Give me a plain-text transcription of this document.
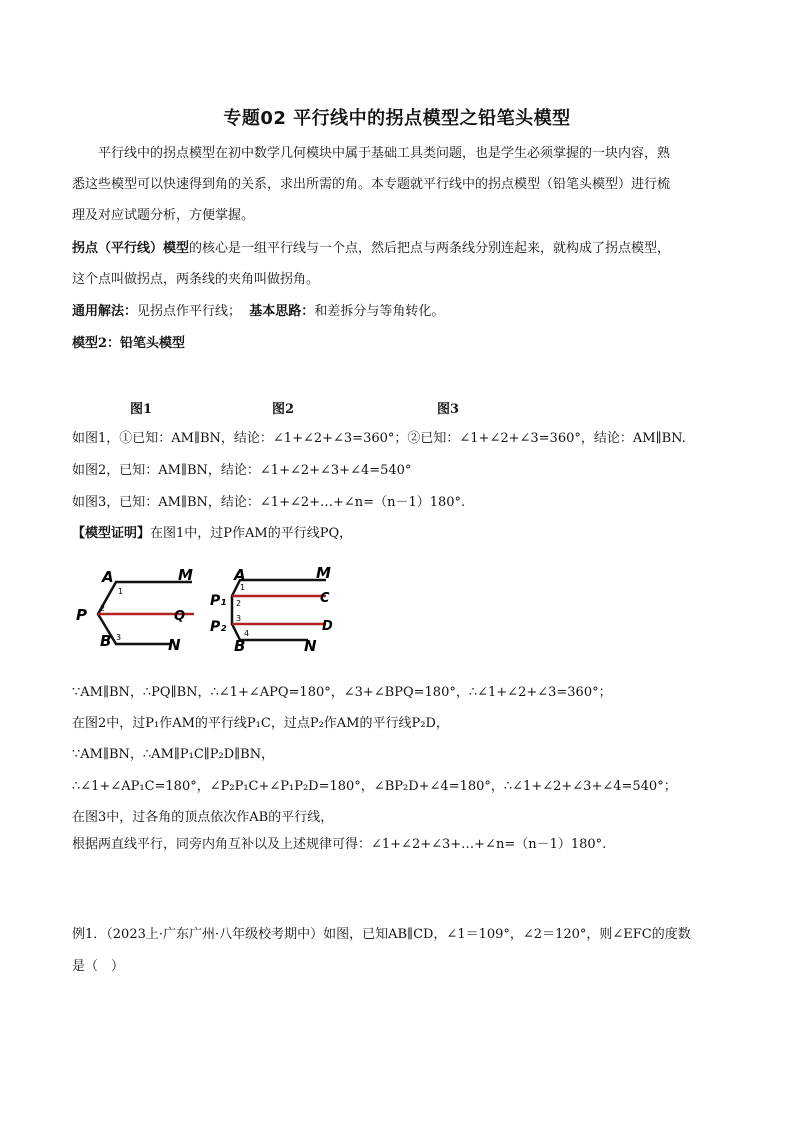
专题02 平行线中的拐点模型之铅笔头模型
平行线中的拐点模型在初中数学几何模块中属于基础工具类问题，也是学生必须掌握的一块内容，熟
悉这些模型可以快速得到角的关系，求出所需的角。本专题就平行线中的拐点模型（铅笔头模型）进行梳
理及对应试题分析，方便掌握。
拐点（平行线）模型的核心是一组平行线与一个点，然后把点与两条线分别连起来，就构成了拐点模型，
这个点叫做拐点，两条线的夹角叫做拐角。
通用解法：见拐点作平行线； 基本思路：和差拆分与等角转化。
模型2：铅笔头模型
图1	图2	图3
如图1，①已知：AM∥BN，结论：∠1+∠2+∠3=360°；②已知：∠1+∠2+∠3=360°，结论：AM∥BN.
如图2，已知：AM∥BN，结论：∠1+∠2+∠3+∠4=540°
如图3，已知：AM∥BN，结论：∠1+∠2+…+∠n=（n－1）180°.
【模型证明】在图1中，过P作AM的平行线PQ，
A	M
P	Q
B	N
1
2
3
A	M
P₁	C
P₂	D
B	N
1
2
3
4
∵AM∥BN，∴PQ∥BN，∴∠1+∠APQ=180°，∠3+∠BPQ=180°，∴∠1+∠2+∠3=360°；
在图2中，过P₁作AM的平行线P₁C，过点P₂作AM的平行线P₂D，
∵AM∥BN，∴AM∥P₁C∥P₂D∥BN，
∴∠1+∠AP₁C=180°，∠P₂P₁C+∠P₁P₂D=180°，∠BP₂D+∠4=180°，∴∠1+∠2+∠3+∠4=540°；
在图3中，过各角的顶点依次作AB的平行线，
根据两直线平行，同旁内角互补以及上述规律可得：∠1+∠2+∠3+…+∠n=（n－1）180°.
例1．（2023上·广东广州·八年级校考期中）如图，已知AB∥CD，∠1＝109°，∠2＝120°，则∠EFC的度数
是（　）
